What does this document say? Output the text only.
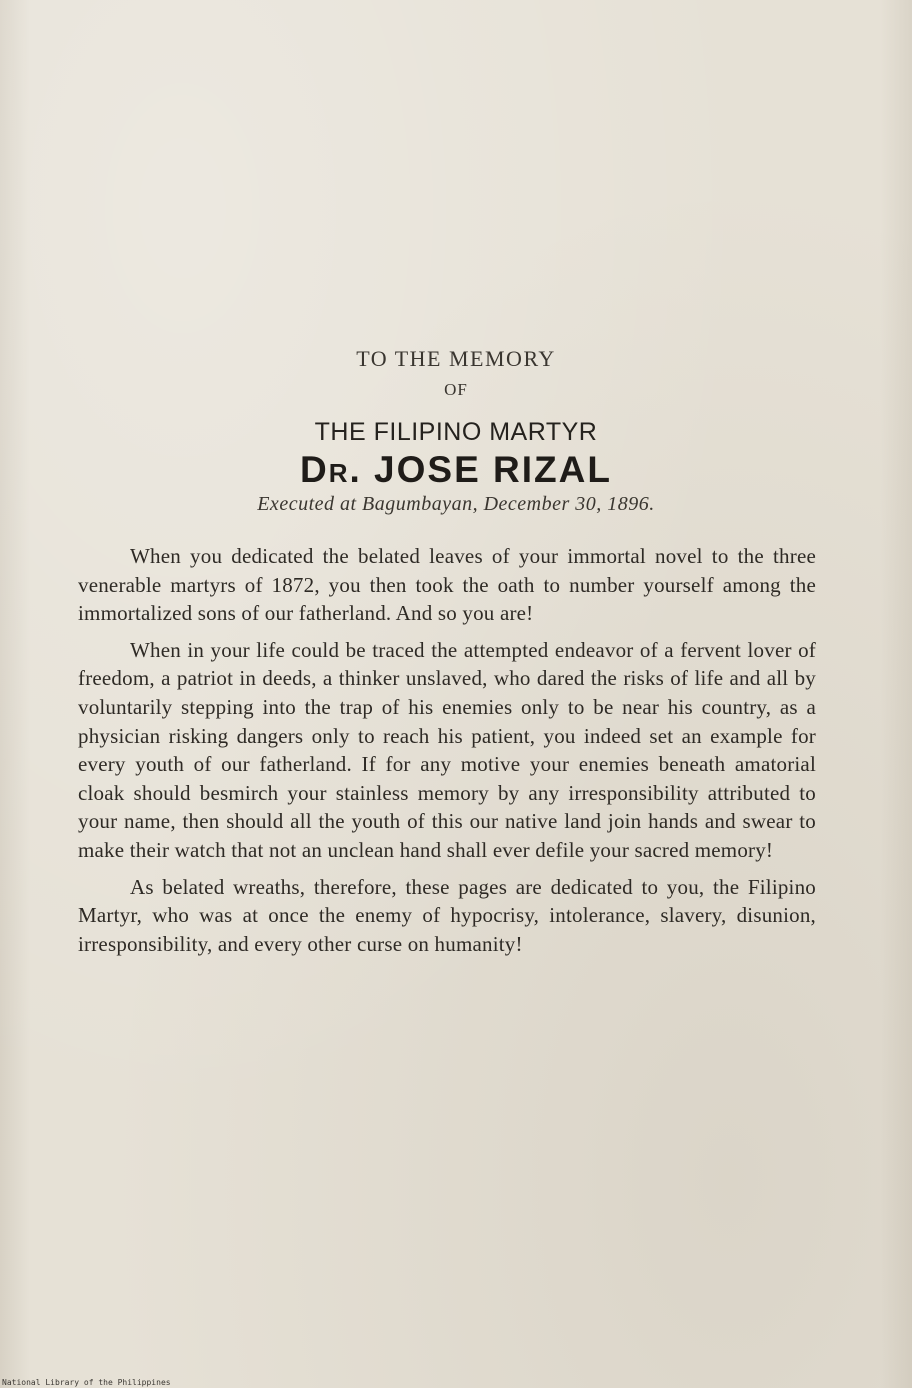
TO THE MEMORY
OF
THE FILIPINO MARTYR
Dr. JOSE RIZAL
Executed at Bagumbayan, December 30, 1896.

When you dedicated the belated leaves of your immortal novel to the three venerable martyrs of 1872, you then took the oath to number yourself among the immortalized sons of our fatherland. And so you are!

When in your life could be traced the attempted endeavor of a fervent lover of freedom, a patriot in deeds, a thinker unslaved, who dared the risks of life and all by voluntarily stepping into the trap of his enemies only to be near his country, as a physician risking dangers only to reach his patient, you indeed set an example for every youth of our fatherland. If for any motive your enemies beneath amatorial cloak should besmirch your stainless memory by any irresponsibility attributed to your name, then should all the youth of this our native land join hands and swear to make their watch that not an unclean hand shall ever defile your sacred memory!

As belated wreaths, therefore, these pages are dedicated to you, the Filipino Martyr, who was at once the enemy of hypocrisy, intolerance, slavery, disunion, irresponsibility, and every other curse on humanity!

National Library of the Philippines
